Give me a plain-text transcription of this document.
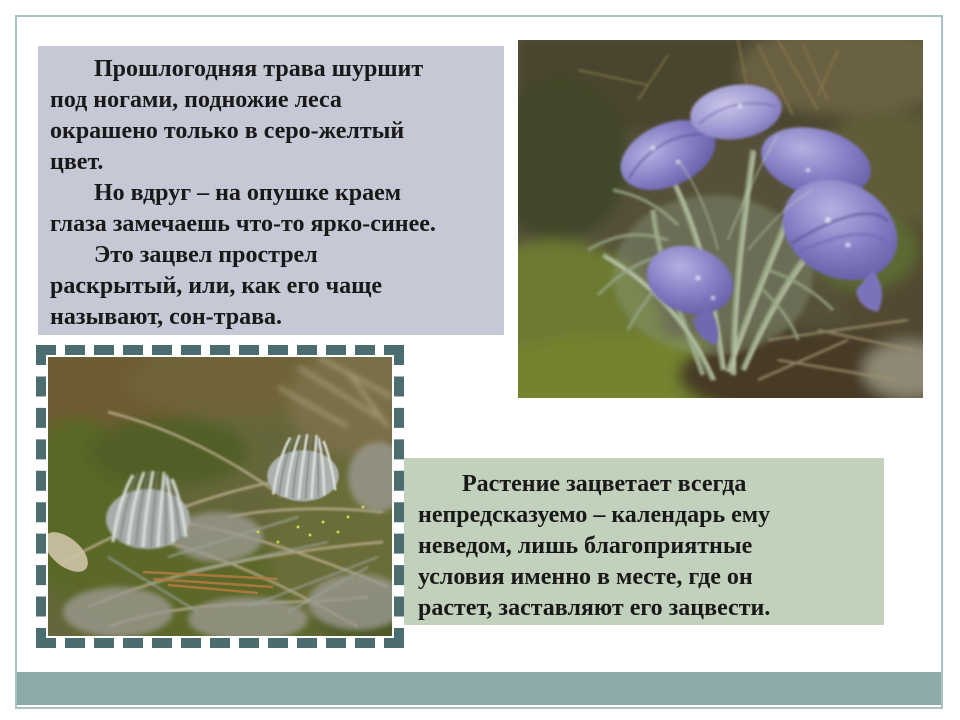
Прошлогодняя трава шуршит
под ногами, подножие леса
окрашено только в серо-желтый
цвет.
Но вдруг – на опушке краем
глаза замечаешь что-то ярко-синее.
Это зацвел прострел
раскрытый, или, как его чаще
называют, сон-трава.
Растение зацветает всегда
непредсказуемо – календарь ему
неведом, лишь благоприятные
условия именно в месте, где он
растет, заставляют его зацвести.
